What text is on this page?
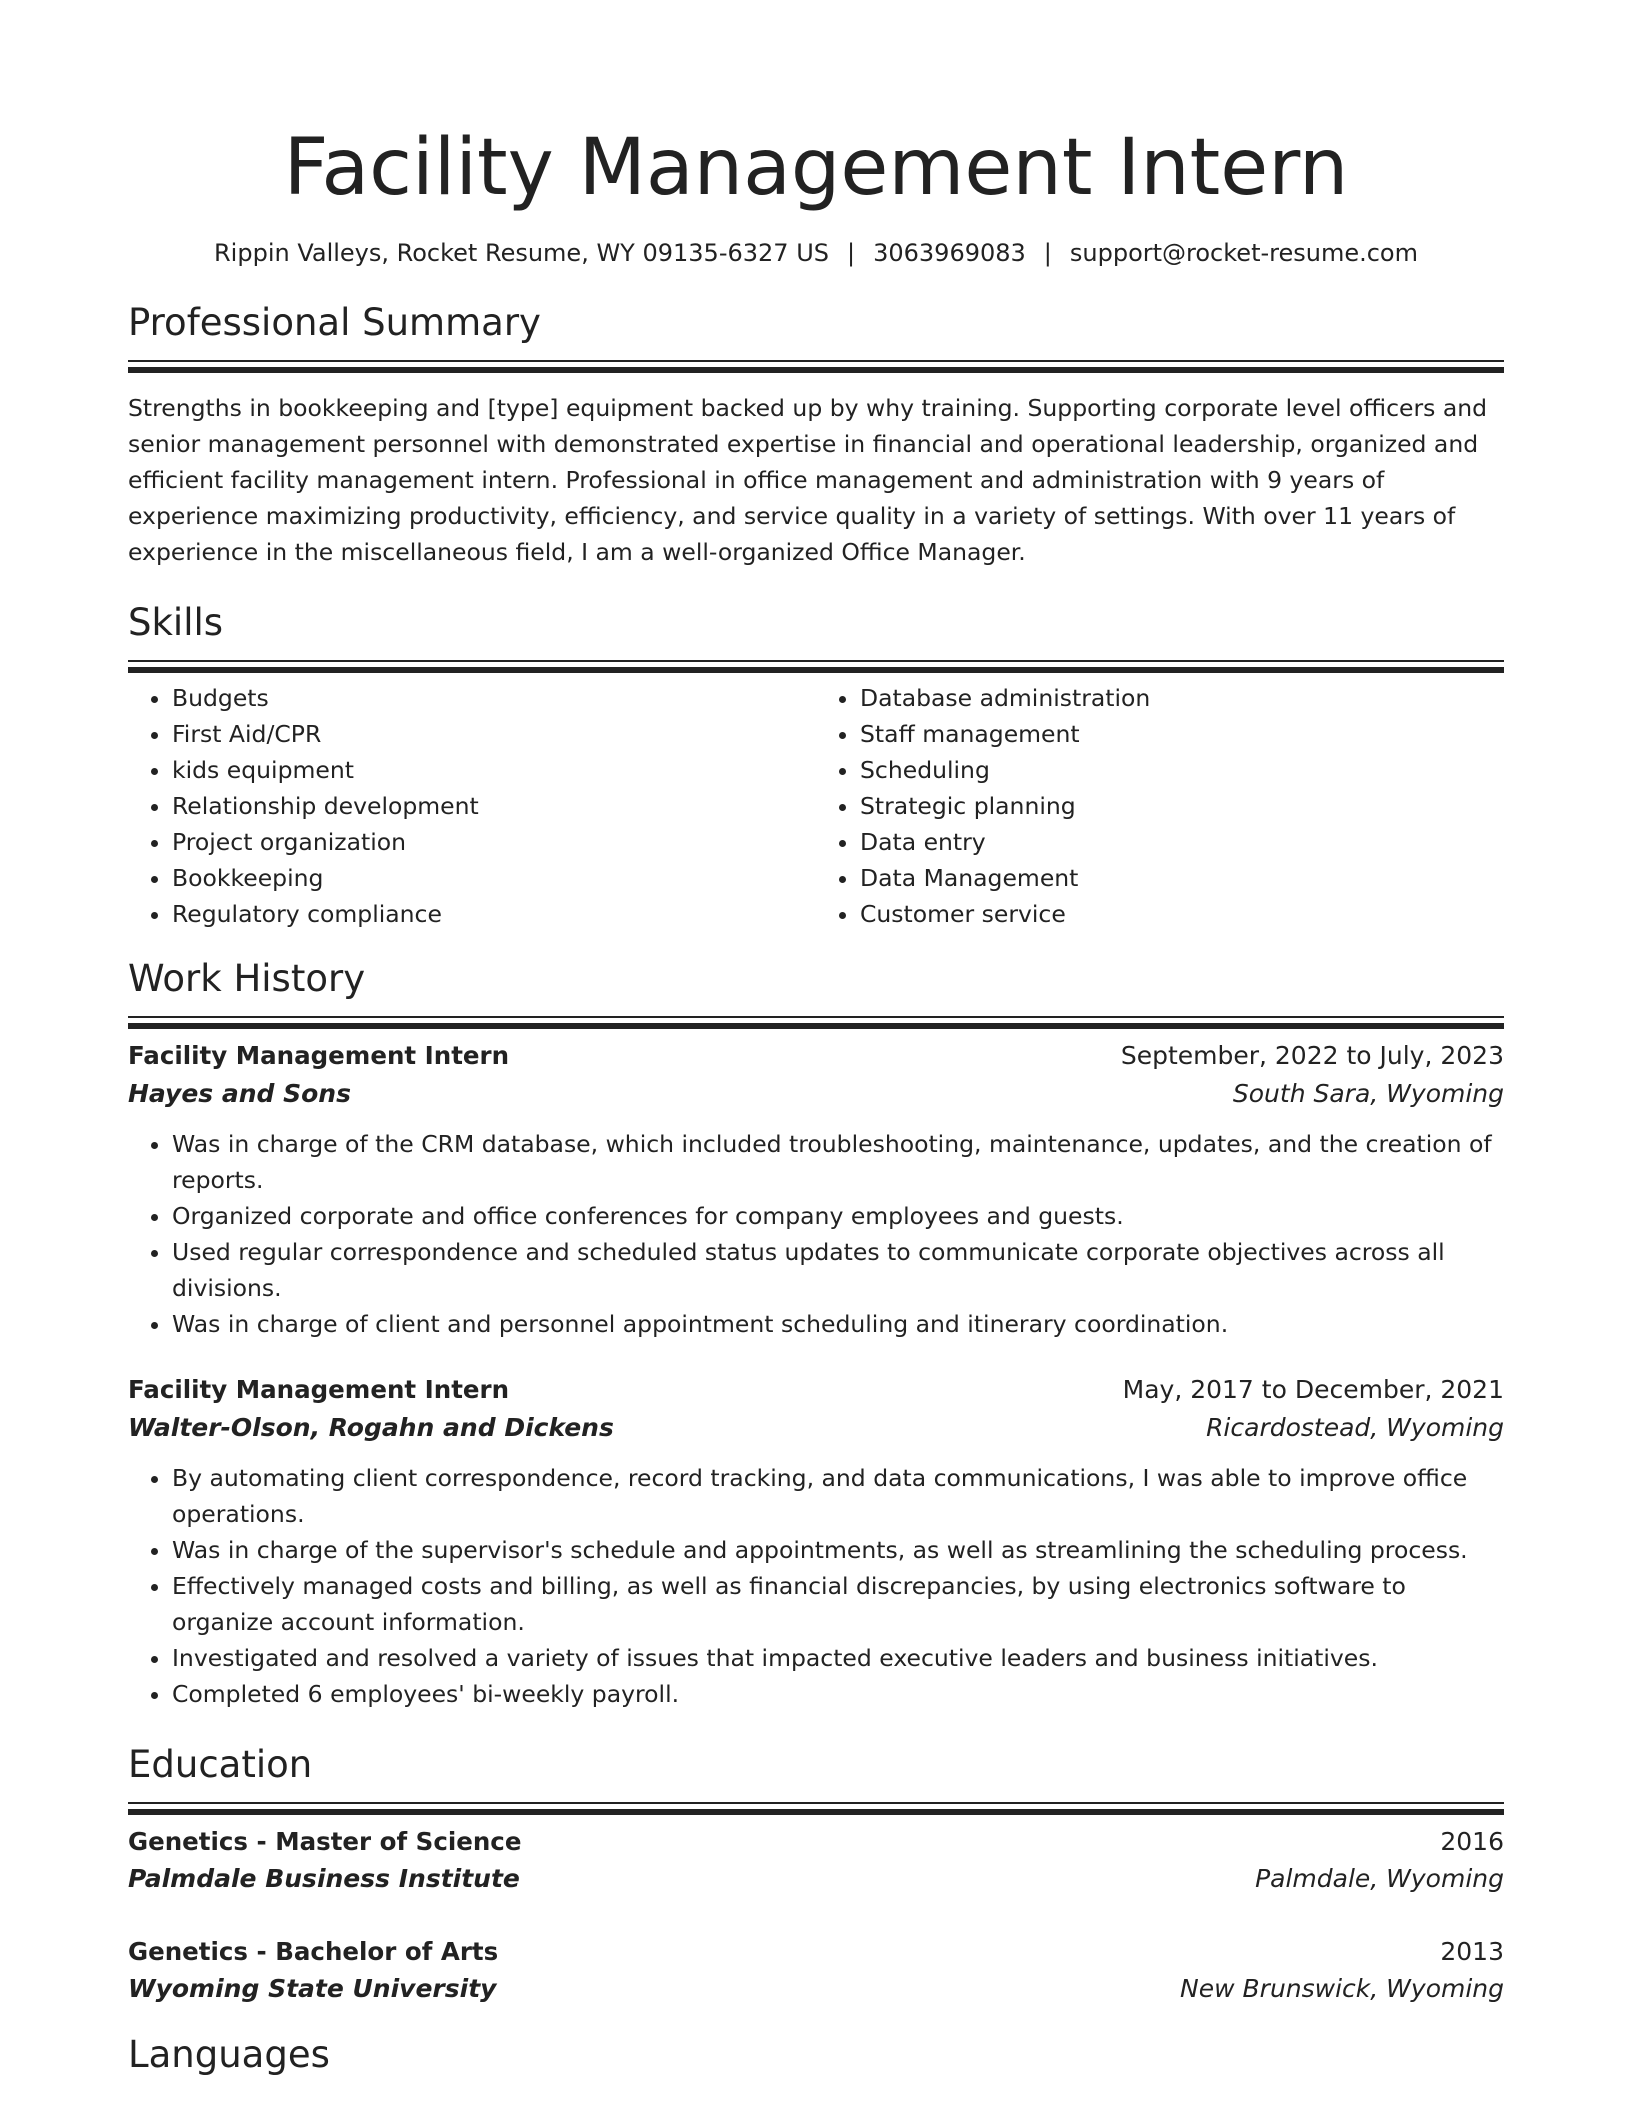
Facility Management Intern
Rippin Valleys, Rocket Resume, WY 09135-6327 US | 3063969083 | support@rocket-resume.com
Professional Summary

Strengths in bookkeeping and [type] equipment backed up by why training. Supporting corporate level officers and senior management personnel with demonstrated expertise in financial and operational leadership, organized and efficient facility management intern. Professional in office management and administration with 9 years of experience maximizing productivity, efficiency, and service quality in a variety of settings. With over 11 years of experience in the miscellaneous field, I am a well-organized Office Manager.

Skills
• Budgets
• First Aid/CPR
• kids equipment
• Relationship development
• Project organization
• Bookkeeping
• Regulatory compliance
• Database administration
• Staff management
• Scheduling
• Strategic planning
• Data entry
• Data Management
• Customer service
Work History
Facility Management Intern	September, 2022 to July, 2023
Hayes and Sons	South Sara, Wyoming
• Was in charge of the CRM database, which included troubleshooting, maintenance, updates, and the creation of reports.
• Organized corporate and office conferences for company employees and guests.
• Used regular correspondence and scheduled status updates to communicate corporate objectives across all divisions.
• Was in charge of client and personnel appointment scheduling and itinerary coordination.
Facility Management Intern	May, 2017 to December, 2021
Walter-Olson, Rogahn and Dickens	Ricardostead, Wyoming
• By automating client correspondence, record tracking, and data communications, I was able to improve office operations.
• Was in charge of the supervisor's schedule and appointments, as well as streamlining the scheduling process.
• Effectively managed costs and billing, as well as financial discrepancies, by using electronics software to organize account information.
• Investigated and resolved a variety of issues that impacted executive leaders and business initiatives.
• Completed 6 employees' bi-weekly payroll.
Education
Genetics - Master of Science	2016
Palmdale Business Institute	Palmdale, Wyoming
Genetics - Bachelor of Arts	2013
Wyoming State University	New Brunswick, Wyoming
Languages
